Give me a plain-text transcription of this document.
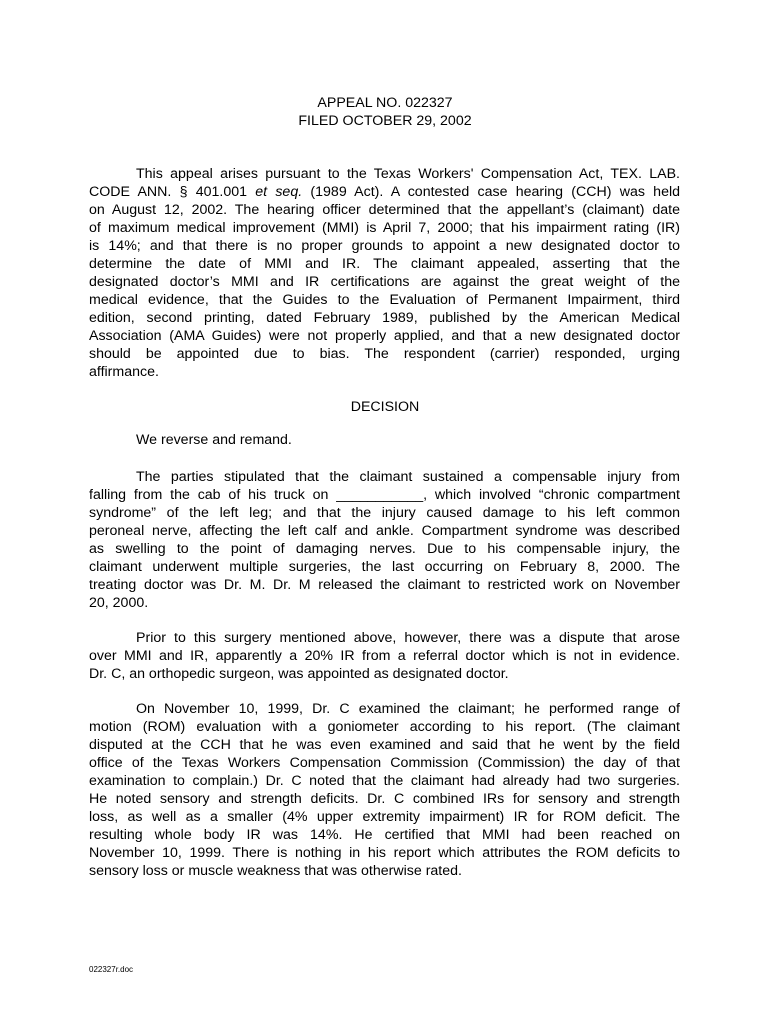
APPEAL NO. 022327
FILED OCTOBER 29, 2002
This appeal arises pursuant to the Texas Workers' Compensation Act, TEX. LAB.
CODE ANN. § 401.001 et seq. (1989 Act). A contested case hearing (CCH) was held
on August 12, 2002. The hearing officer determined that the appellant’s (claimant) date
of maximum medical improvement (MMI) is April 7, 2000; that his impairment rating (IR)
is 14%; and that there is no proper grounds to appoint a new designated doctor to
determine the date of MMI and IR. The claimant appealed, asserting that the
designated doctor’s MMI and IR certifications are against the great weight of the
medical evidence, that the Guides to the Evaluation of Permanent Impairment, third
edition, second printing, dated February 1989, published by the American Medical
Association (AMA Guides) were not properly applied, and that a new designated doctor
should be appointed due to bias. The respondent (carrier) responded, urging
affirmance.
DECISION
We reverse and remand.
The parties stipulated that the claimant sustained a compensable injury from
falling from the cab of his truck on ___________, which involved “chronic compartment
syndrome” of the left leg; and that the injury caused damage to his left common
peroneal nerve, affecting the left calf and ankle. Compartment syndrome was described
as swelling to the point of damaging nerves. Due to his compensable injury, the
claimant underwent multiple surgeries, the last occurring on February 8, 2000. The
treating doctor was Dr. M. Dr. M released the claimant to restricted work on November
20, 2000.
Prior to this surgery mentioned above, however, there was a dispute that arose
over MMI and IR, apparently a 20% IR from a referral doctor which is not in evidence.
Dr. C, an orthopedic surgeon, was appointed as designated doctor.
On November 10, 1999, Dr. C examined the claimant; he performed range of
motion (ROM) evaluation with a goniometer according to his report. (The claimant
disputed at the CCH that he was even examined and said that he went by the field
office of the Texas Workers Compensation Commission (Commission) the day of that
examination to complain.) Dr. C noted that the claimant had already had two surgeries.
He noted sensory and strength deficits. Dr. C combined IRs for sensory and strength
loss, as well as a smaller (4% upper extremity impairment) IR for ROM deficit. The
resulting whole body IR was 14%. He certified that MMI had been reached on
November 10, 1999. There is nothing in his report which attributes the ROM deficits to
sensory loss or muscle weakness that was otherwise rated.
022327r.doc
